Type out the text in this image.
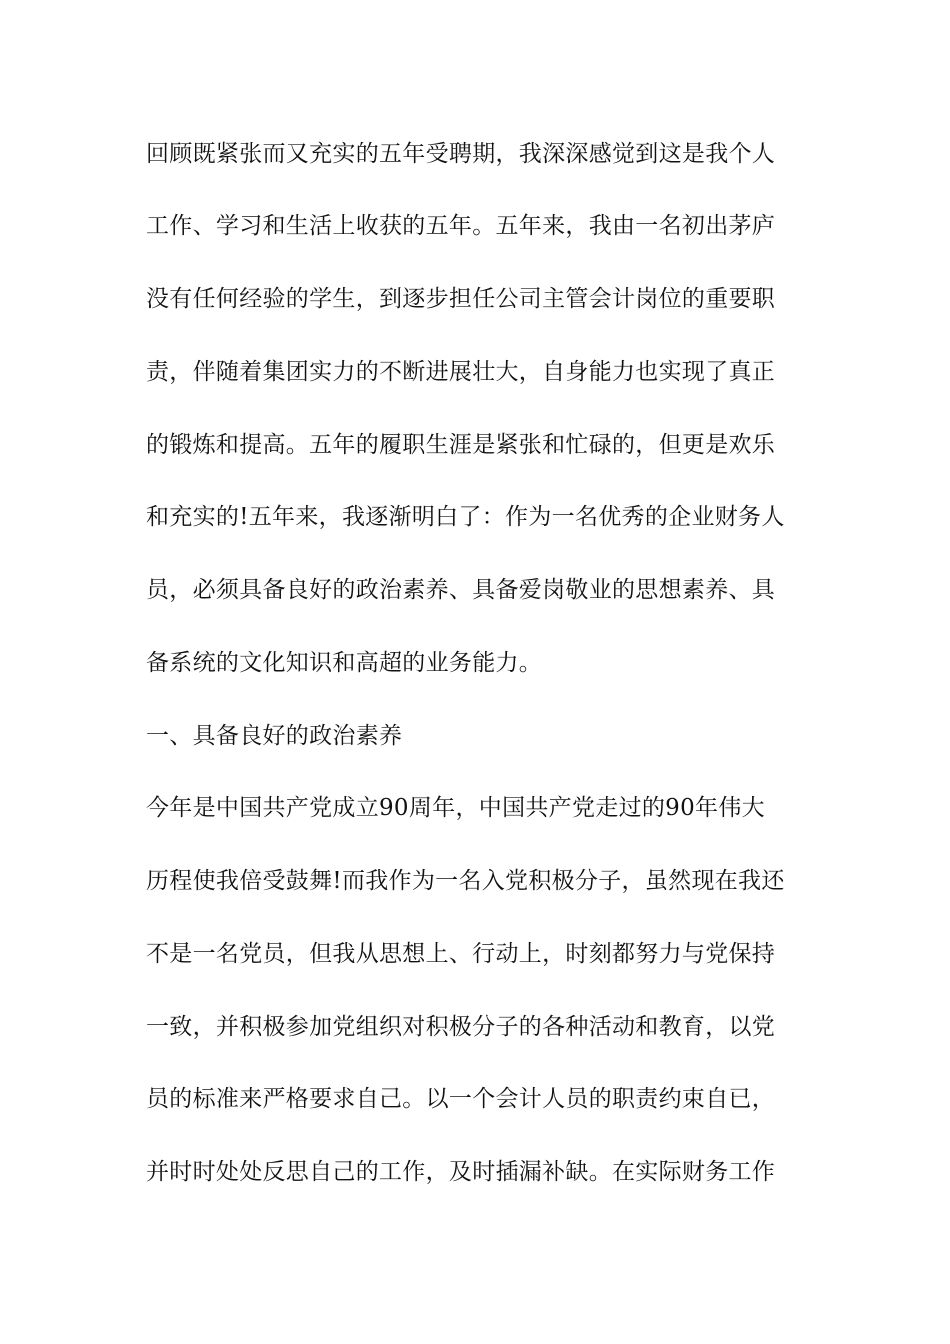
回顾既紧张而又充实的五年受聘期，我深深感觉到这是我个人
工作、学习和生活上收获的五年。五年来，我由一名初出茅庐
没有任何经验的学生，到逐步担任公司主管会计岗位的重要职
责，伴随着集团实力的不断进展壮大，自身能力也实现了真正
的锻炼和提高。五年的履职生涯是紧张和忙碌的，但更是欢乐
和充实的!五年来，我逐渐明白了：作为一名优秀的企业财务人
员，必须具备良好的政治素养、具备爱岗敬业的思想素养、具
备系统的文化知识和高超的业务能力。
一、具备良好的政治素养
今年是中国共产党成立90周年，中国共产党走过的90年伟大
历程使我倍受鼓舞!而我作为一名入党积极分子，虽然现在我还
不是一名党员，但我从思想上、行动上，时刻都努力与党保持
一致，并积极参加党组织对积极分子的各种活动和教育，以党
员的标准来严格要求自己。以一个会计人员的职责约束自已，
并时时处处反思自己的工作，及时插漏补缺。在实际财务工作
